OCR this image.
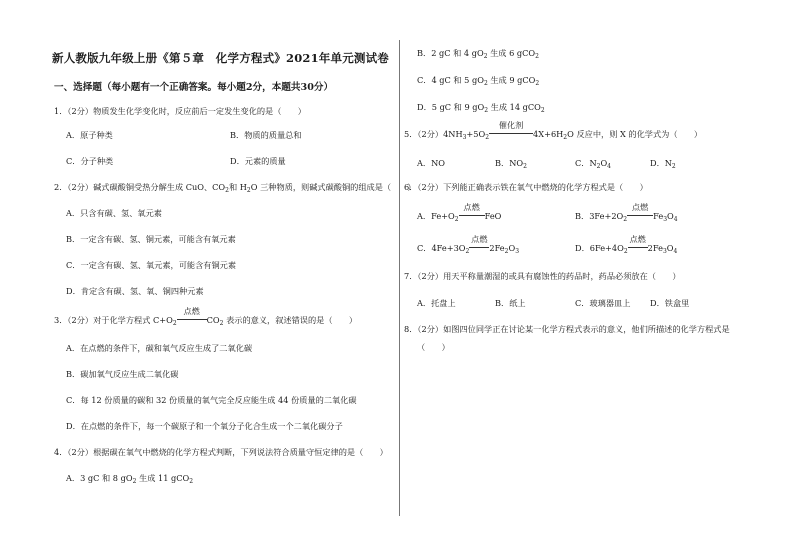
新人教版九年级上册《第５章　化学方程式》2021年单元测试卷
一、选择题（每小题有一个正确答案。每小题2分，本题共30分）
1．（2分）物质发生化学变化时，反应前后一定发生变化的是（　　）
A．原子种类	B．物质的质量总和
C．分子种类	D．元素的质量
2．（2分）碱式碳酸铜受热分解生成 CuO、$CO_2$和 $H_2O$ 三种物质，则碱式碳酸铜的组成是（　　）
A．只含有碳、氢、氧元素
B．一定含有碳、氢、铜元素，可能含有氧元素
C．一定含有碳、氢、氧元素，可能含有铜元素
D．肯定含有碳、氢、氧、铜四种元素
3．（2分）对于化学方程式 $C+O_2$
点燃
$CO_2$ 表示的意义，叙述错误的是（　　）
A．在点燃的条件下，碳和氧气反应生成了二氧化碳
B．碳加氧气反应生成二氧化碳
C．每 12 份质量的碳和 32 份质量的氧气完全反应能生成 44 份质量的二氧化碳
D．在点燃的条件下，每一个碳原子和一个氧分子化合生成一个二氧化碳分子
4．（2分）根据碳在氧气中燃烧的化学方程式判断，下列说法符合质量守恒定律的是（　　）
A．3 gC 和 8 $gO_2$ 生成 11 gCO$_2$
B．2 gC 和 4 $gO_2$ 生成 6 gCO$_2$
C．4 gC 和 5 $gO_2$ 生成 9 gCO$_2$
D．5 gC 和 9 $gO_2$ 生成 14 gCO$_2$
5．（2分）$4NH_3+5O_2$
催化剂
$4X+6H_2O$ 反应中，则 X 的化学式为（　　）
A．NO	B．$NO_2$	C．$N_2O_4$	D．$N_2$
6．（2分）下列能正确表示铁在氧气中燃烧的化学方程式是（　　）
A．$Fe+O_2$
点燃
FeO	B．$3Fe+2O_2$
点燃
$Fe_3O_4$
C．$4Fe+3O_2$
点燃
$2Fe_2O_3$	D．$6Fe+4O_2$
点燃
$2Fe_3O_4$
7．（2分）用天平称量潮湿的或具有腐蚀性的药品时，药品必须放在（　　）
A．托盘上	B．纸上	C．玻璃器皿上 D．铁盒里
8．（2分）如图四位同学正在讨论某一化学方程式表示的意义，他们所描述的化学方程式是
（　　）
